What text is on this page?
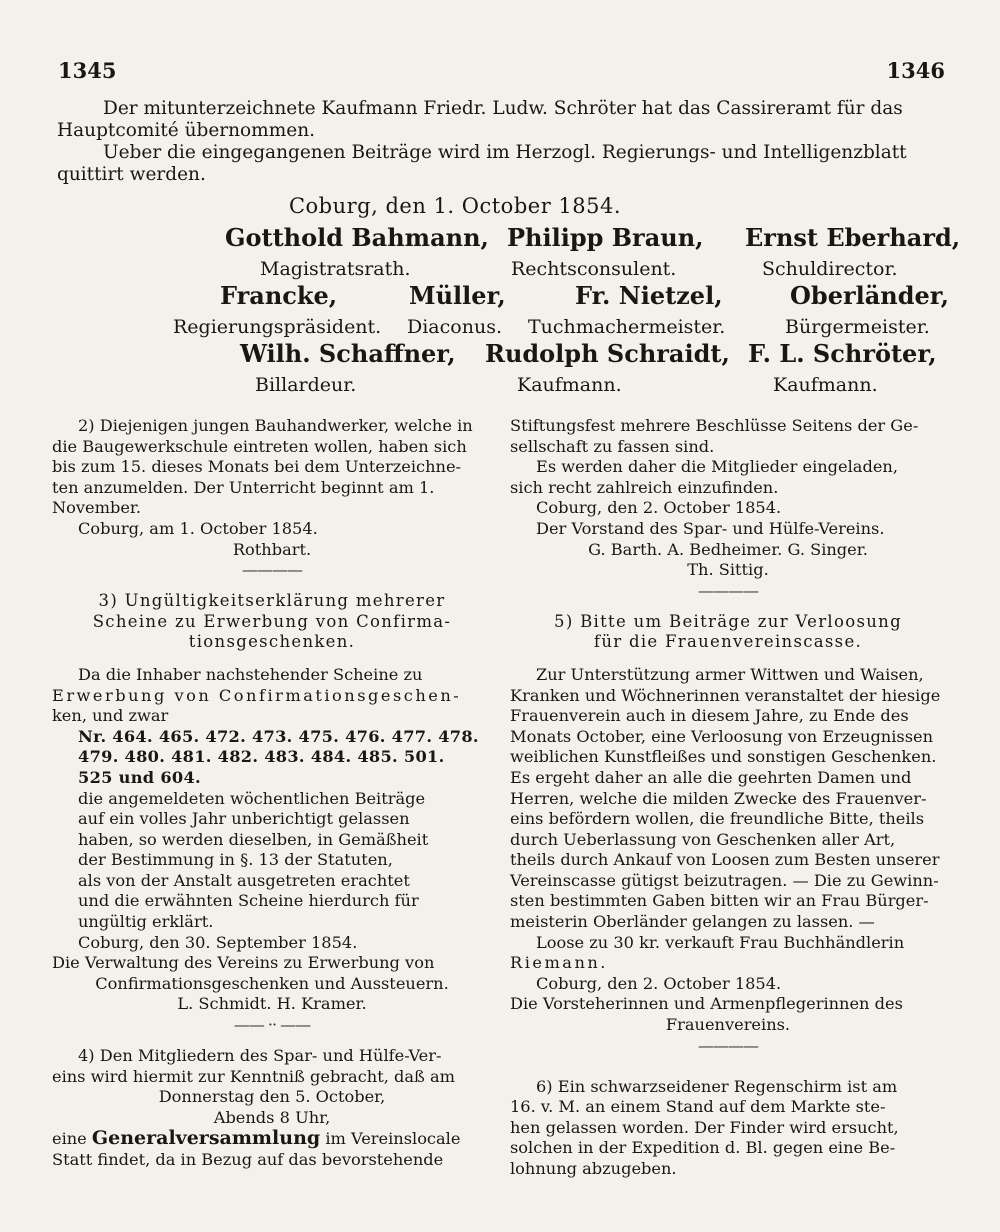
1345	1346

Der mitunterzeichnete Kaufmann Friedr. Ludw. Schröter hat das Cassireramt für das

Hauptcomité übernommen.

Ueber die eingegangenen Beiträge wird im Herzogl. Regierungs- und Intelligenzblatt

quittirt werden.

Coburg, den 1. October 1854.

Gotthold Bahmann,
Magistratsrath.
Philipp Braun,
Rechtsconsulent.
Ernst Eberhard,
Schuldirector.
Francke,
Regierungspräsident.
Müller,
Diaconus.
Fr. Nietzel,
Tuchmachermeister.
Oberländer,
Bürgermeister.
Wilh. Schaffner,
Billardeur.
Rudolph Schraidt,
Kaufmann.
F. L. Schröter,
Kaufmann.

2) Diejenigen jungen Bauhandwerker, welche in

die Baugewerkschule eintreten wollen, haben sich

bis zum 15. dieses Monats bei dem Unterzeichne-

ten anzumelden. Der Unterricht beginnt am 1.

November.

Coburg, am 1. October 1854.

Rothbart.

————

3) Ungültigkeitserklärung mehrerer

Scheine zu Erwerbung von Confirma-

tionsgeschenken.

Da die Inhaber nachstehender Scheine zu

Erwerbung von Confirmationsgeschen-

ken, und zwar

Nr. 464. 465. 472. 473. 475. 476. 477. 478.

479. 480. 481. 482. 483. 484. 485. 501.

525 und 604.

die angemeldeten wöchentlichen Beiträge

auf ein volles Jahr unberichtigt gelassen

haben, so werden dieselben, in Gemäßheit

der Bestimmung in §. 13 der Statuten,

als von der Anstalt ausgetreten erachtet

und die erwähnten Scheine hierdurch für

ungültig erklärt.

Coburg, den 30. September 1854.

Die Verwaltung des Vereins zu Erwerbung von

Confirmationsgeschenken und Aussteuern.

L. Schmidt. H. Kramer.

—— ·· ——

4) Den Mitgliedern des Spar- und Hülfe-Ver-

eins wird hiermit zur Kenntniß gebracht, daß am

Donnerstag den 5. October,

Abends 8 Uhr,

eine Generalversammlung im Vereinslocale

Statt findet, da in Bezug auf das bevorstehende

Stiftungsfest mehrere Beschlüsse Seitens der Ge-

sellschaft zu fassen sind.

Es werden daher die Mitglieder eingeladen,

sich recht zahlreich einzufinden.

Coburg, den 2. October 1854.

Der Vorstand des Spar- und Hülfe-Vereins.

G. Barth. A. Bedheimer. G. Singer.

Th. Sittig.

————

5) Bitte um Beiträge zur Verloosung

für die Frauenvereinscasse.

Zur Unterstützung armer Wittwen und Waisen,

Kranken und Wöchnerinnen veranstaltet der hiesige

Frauenverein auch in diesem Jahre, zu Ende des

Monats October, eine Verloosung von Erzeugnissen

weiblichen Kunstfleißes und sonstigen Geschenken.

Es ergeht daher an alle die geehrten Damen und

Herren, welche die milden Zwecke des Frauenver-

eins befördern wollen, die freundliche Bitte, theils

durch Ueberlassung von Geschenken aller Art,

theils durch Ankauf von Loosen zum Besten unserer

Vereinscasse gütigst beizutragen. — Die zu Gewinn-

sten bestimmten Gaben bitten wir an Frau Bürger-

meisterin Oberländer gelangen zu lassen. —

Loose zu 30 kr. verkauft Frau Buchhändlerin

Riemann.

Coburg, den 2. October 1854.

Die Vorsteherinnen und Armenpflegerinnen des

Frauenvereins.

————

6) Ein schwarzseidener Regenschirm ist am

16. v. M. an einem Stand auf dem Markte ste-

hen gelassen worden. Der Finder wird ersucht,

solchen in der Expedition d. Bl. gegen eine Be-

lohnung abzugeben.
